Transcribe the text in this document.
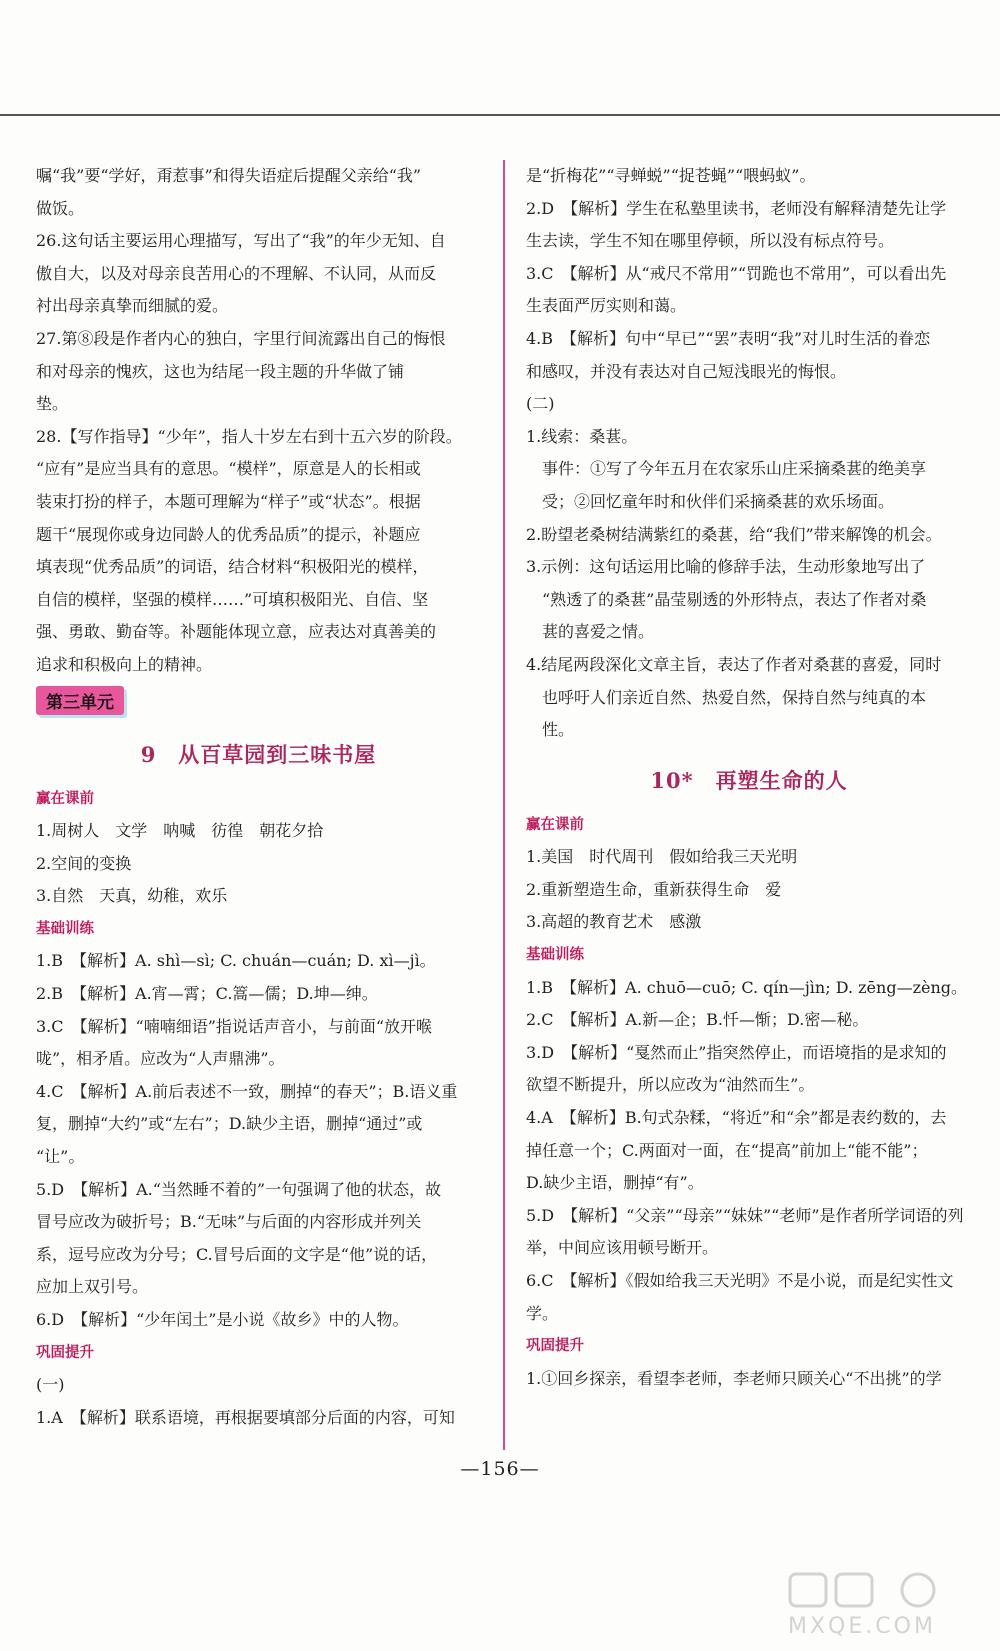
嘱“我”要“学好，甭惹事”和得失语症后提醒父亲给“我”
做饭。
26.这句话主要运用心理描写，写出了“我”的年少无知、自
傲自大，以及对母亲良苦用心的不理解、不认同，从而反
衬出母亲真挚而细腻的爱。
27.第⑧段是作者内心的独白，字里行间流露出自己的悔恨
和对母亲的愧疚，这也为结尾一段主题的升华做了铺
垫。
28.【写作指导】“少年”，指人十岁左右到十五六岁的阶段。
“应有”是应当具有的意思。“模样”，原意是人的长相或
装束打扮的样子，本题可理解为“样子”或“状态”。根据
题干“展现你或身边同龄人的优秀品质”的提示，补题应
填表现“优秀品质”的词语，结合材料“积极阳光的模样，
自信的模样，坚强的模样……”可填积极阳光、自信、坚
强、勇敢、勤奋等。补题能体现立意，应表达对真善美的
追求和积极向上的精神。
第三单元
9　从百草园到三味书屋
赢在课前
1.周树人　文学　呐喊　彷徨　朝花夕拾
2.空间的变换
3.自然　天真，幼稚，欢乐
基础训练
1.B　【解析】A. shì—sì; C. chuán—cuán; D. xì—jì。
2.B　【解析】A.宵—霄；C.篙—儒；D.坤—绅。
3.C　【解析】“喃喃细语”指说话声音小，与前面“放开喉
咙”，相矛盾。应改为“人声鼎沸”。
4.C　【解析】A.前后表述不一致，删掉“的春天”；B.语义重
复，删掉“大约”或“左右”；D.缺少主语，删掉“通过”或
“让”。
5.D　【解析】A.“当然睡不着的”一句强调了他的状态，故
冒号应改为破折号；B.“无味”与后面的内容形成并列关
系，逗号应改为分号；C.冒号后面的文字是“他”说的话，
应加上双引号。
6.D　【解析】“少年闰土”是小说《故乡》中的人物。
巩固提升
(一)
1.A　【解析】联系语境，再根据要填部分后面的内容，可知
是“折梅花”“寻蝉蜕”“捉苍蝇”“喂蚂蚁”。
2.D　【解析】学生在私塾里读书，老师没有解释清楚先让学
生去读，学生不知在哪里停顿，所以没有标点符号。
3.C　【解析】从“戒尺不常用”“罚跪也不常用”，可以看出先
生表面严厉实则和蔼。
4.B　【解析】句中“早已”“罢”表明“我”对儿时生活的眷恋
和感叹，并没有表达对自己短浅眼光的悔恨。
(二)
1.线索：桑葚。
　事件：①写了今年五月在农家乐山庄采摘桑葚的绝美享
　受；②回忆童年时和伙伴们采摘桑葚的欢乐场面。
2.盼望老桑树结满紫红的桑葚，给“我们”带来解馋的机会。
3.示例：这句话运用比喻的修辞手法，生动形象地写出了
　“熟透了的桑葚”晶莹剔透的外形特点，表达了作者对桑
　葚的喜爱之情。
4.结尾两段深化文章主旨，表达了作者对桑葚的喜爱，同时
　也呼吁人们亲近自然、热爱自然，保持自然与纯真的本
　性。
10*　再塑生命的人
赢在课前
1.美国　时代周刊　假如给我三天光明
2.重新塑造生命，重新获得生命　爱
3.高超的教育艺术　感激
基础训练
1.B　【解析】A. chuō—cuō; C. qín—jìn; D. zēng—zèng。
2.C　【解析】A.新—企；B.忏—惭；D.密—秘。
3.D　【解析】“戛然而止”指突然停止，而语境指的是求知的
欲望不断提升，所以应改为“油然而生”。
4.A　【解析】B.句式杂糅，“将近”和“余”都是表约数的，去
掉任意一个；C.两面对一面，在“提高”前加上“能不能”；
D.缺少主语，删掉“有”。
5.D　【解析】“父亲”“母亲”“妹妹”“老师”是作者所学词语的列
举，中间应该用顿号断开。
6.C　【解析】《假如给我三天光明》不是小说，而是纪实性文
学。
巩固提升
1.①回乡探亲，看望李老师，李老师只顾关心“不出挑”的学
—156—
MXQE.COM
